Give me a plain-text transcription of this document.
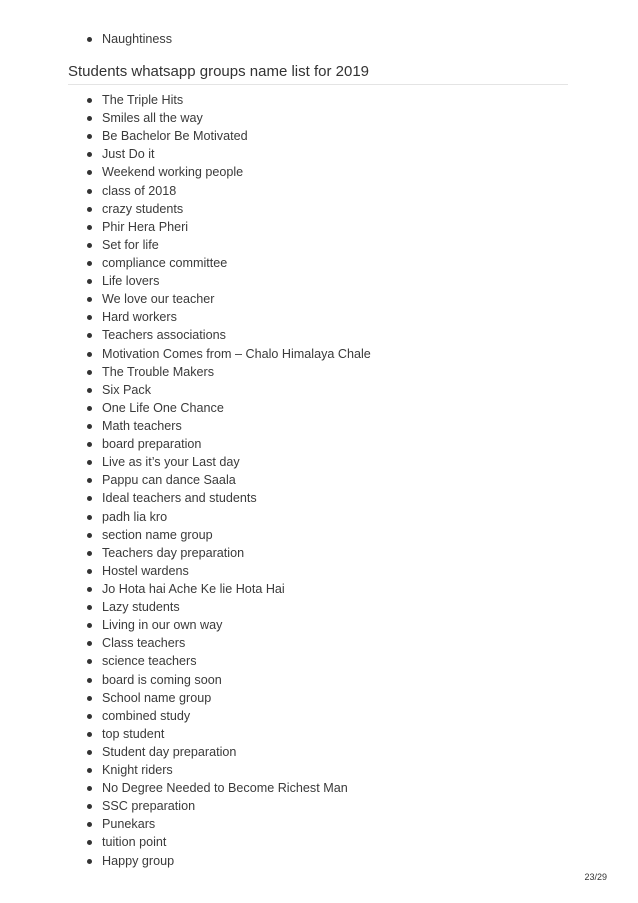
Naughtiness
Students whatsapp groups name list for 2019
The Triple Hits
Smiles all the way
Be Bachelor Be Motivated
Just Do it
Weekend working people
class of 2018
crazy students
Phir Hera Pheri
Set for life
compliance committee
Life lovers
We love our teacher
Hard workers
Teachers associations
Motivation Comes from – Chalo Himalaya Chale
The Trouble Makers
Six Pack
One Life One Chance
Math teachers
board preparation
Live as it’s your Last day
Pappu can dance Saala
Ideal teachers and students
padh lia kro
section name group
Teachers day preparation
Hostel wardens
Jo Hota hai Ache Ke lie Hota Hai
Lazy students
Living in our own way
Class teachers
science teachers
board is coming soon
School name group
combined study
top student
Student day preparation
Knight riders
No Degree Needed to Become Richest Man
SSC preparation
Punekars
tuition point
Happy group
23/29
